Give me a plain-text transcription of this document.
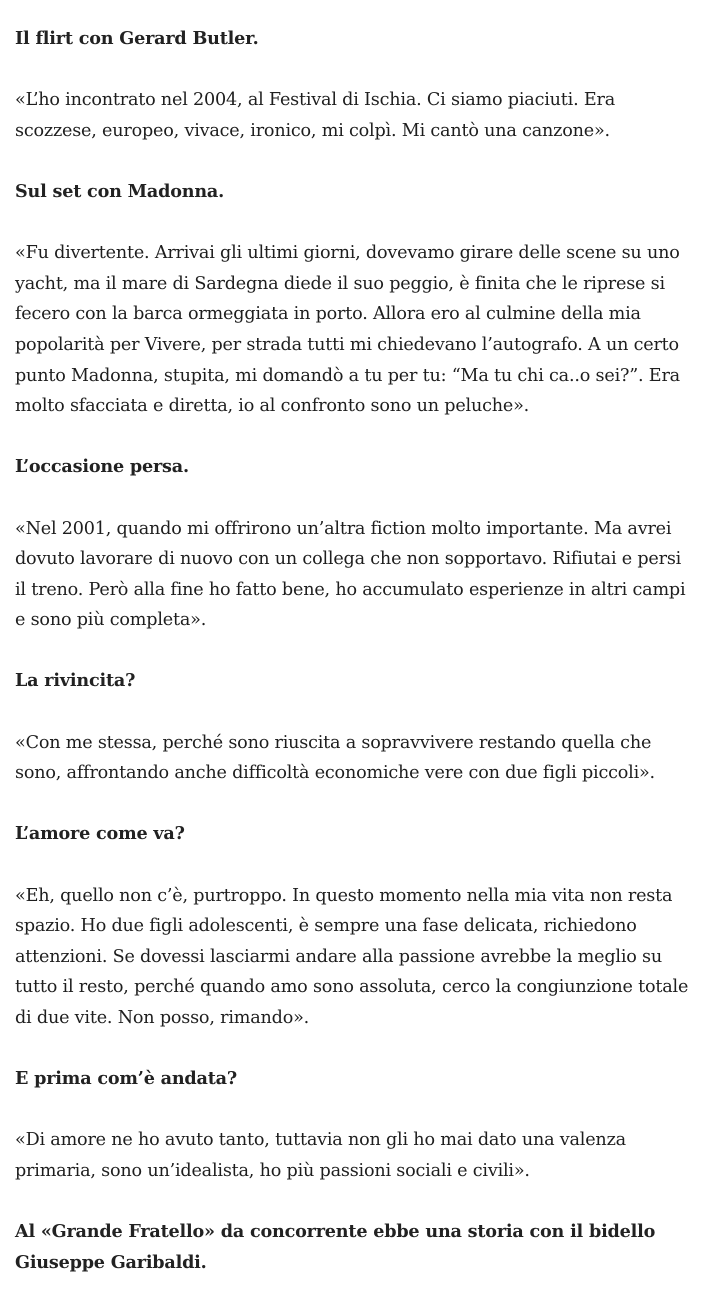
Il flirt con Gerard Butler.

«L’ho incontrato nel 2004, al Festival di Ischia. Ci siamo piaciuti. Era scozzese, europeo, vivace, ironico, mi colpì. Mi cantò una canzone».

Sul set con Madonna.

«Fu divertente. Arrivai gli ultimi giorni, dovevamo girare delle scene su uno yacht, ma il mare di Sardegna diede il suo peggio, è finita che le riprese si fecero con la barca ormeggiata in porto. Allora ero al culmine della mia popolarità per Vivere, per strada tutti mi chiedevano l’autografo. A un certo punto Madonna, stupita, mi domandò a tu per tu: “Ma tu chi ca..o sei?”. Era molto sfacciata e diretta, io al confronto sono un peluche».

L’occasione persa.

«Nel 2001, quando mi offrirono un’altra fiction molto importante. Ma avrei dovuto lavorare di nuovo con un collega che non sopportavo. Rifiutai e persi il treno. Però alla fine ho fatto bene, ho accumulato esperienze in altri campi e sono più completa».

La rivincita?

«Con me stessa, perché sono riuscita a sopravvivere restando quella che sono, affrontando anche difficoltà economiche vere con due figli piccoli».

L’amore come va?

«Eh, quello non c’è, purtroppo. In questo momento nella mia vita non resta spazio. Ho due figli adolescenti, è sempre una fase delicata, richiedono attenzioni. Se dovessi lasciarmi andare alla passione avrebbe la meglio su tutto il resto, perché quando amo sono assoluta, cerco la congiunzione totale di due vite. Non posso, rimando».

E prima com’è andata?

«Di amore ne ho avuto tanto, tuttavia non gli ho mai dato una valenza primaria, sono un’idealista, ho più passioni sociali e civili».

Al «Grande Fratello» da concorrente ebbe una storia con il bidello Giuseppe Garibaldi.
